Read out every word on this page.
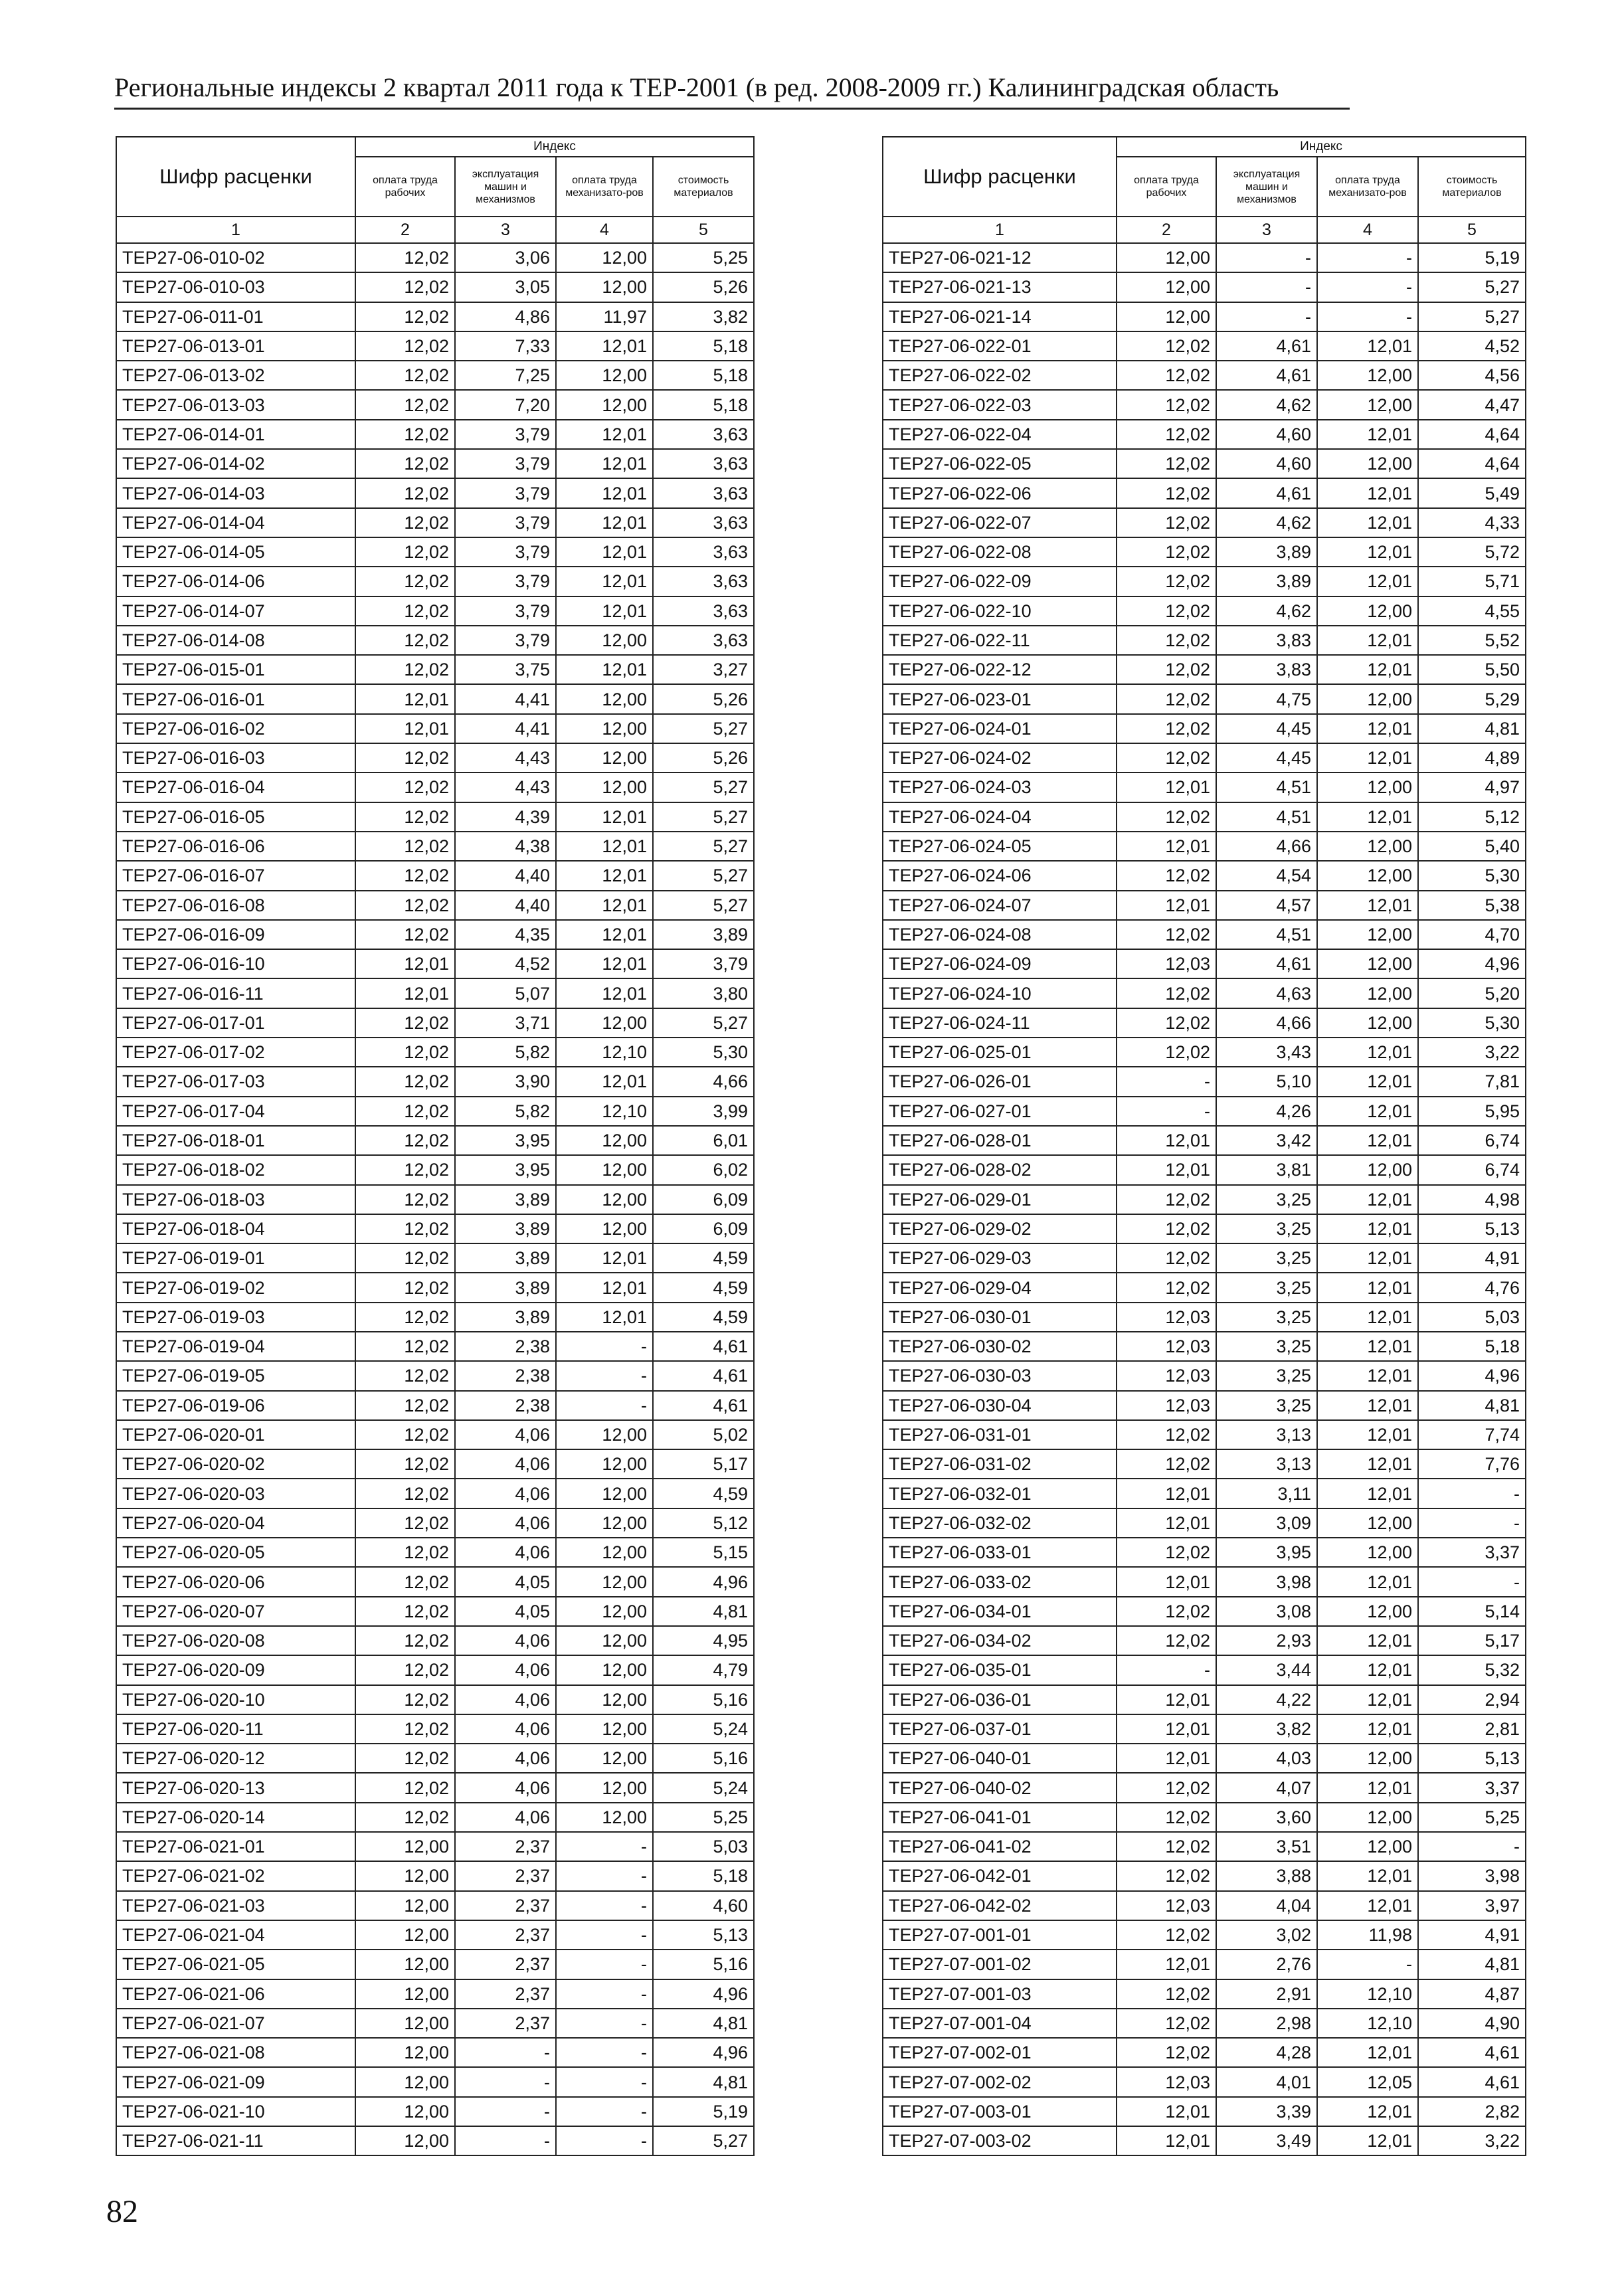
Региональные индексы 2 квартал 2011 года к ТЕР-2001 (в ред. 2008-2009 гг.) Калининградская область
Шифр расценки	Индекс			
	оплата труда рабочих	эксплуатация машин и механизмов	оплата труда механизато-ров	стоимость материалов
1	2	3	4	5
ТЕР27-06-010-02	12,02	3,06	12,00	5,25
ТЕР27-06-010-03	12,02	3,05	12,00	5,26
ТЕР27-06-011-01	12,02	4,86	11,97	3,82
ТЕР27-06-013-01	12,02	7,33	12,01	5,18
ТЕР27-06-013-02	12,02	7,25	12,00	5,18
ТЕР27-06-013-03	12,02	7,20	12,00	5,18
ТЕР27-06-014-01	12,02	3,79	12,01	3,63
ТЕР27-06-014-02	12,02	3,79	12,01	3,63
ТЕР27-06-014-03	12,02	3,79	12,01	3,63
ТЕР27-06-014-04	12,02	3,79	12,01	3,63
ТЕР27-06-014-05	12,02	3,79	12,01	3,63
ТЕР27-06-014-06	12,02	3,79	12,01	3,63
ТЕР27-06-014-07	12,02	3,79	12,01	3,63
ТЕР27-06-014-08	12,02	3,79	12,00	3,63
ТЕР27-06-015-01	12,02	3,75	12,01	3,27
ТЕР27-06-016-01	12,01	4,41	12,00	5,26
ТЕР27-06-016-02	12,01	4,41	12,00	5,27
ТЕР27-06-016-03	12,02	4,43	12,00	5,26
ТЕР27-06-016-04	12,02	4,43	12,00	5,27
ТЕР27-06-016-05	12,02	4,39	12,01	5,27
ТЕР27-06-016-06	12,02	4,38	12,01	5,27
ТЕР27-06-016-07	12,02	4,40	12,01	5,27
ТЕР27-06-016-08	12,02	4,40	12,01	5,27
ТЕР27-06-016-09	12,02	4,35	12,01	3,89
ТЕР27-06-016-10	12,01	4,52	12,01	3,79
ТЕР27-06-016-11	12,01	5,07	12,01	3,80
ТЕР27-06-017-01	12,02	3,71	12,00	5,27
ТЕР27-06-017-02	12,02	5,82	12,10	5,30
ТЕР27-06-017-03	12,02	3,90	12,01	4,66
ТЕР27-06-017-04	12,02	5,82	12,10	3,99
ТЕР27-06-018-01	12,02	3,95	12,00	6,01
ТЕР27-06-018-02	12,02	3,95	12,00	6,02
ТЕР27-06-018-03	12,02	3,89	12,00	6,09
ТЕР27-06-018-04	12,02	3,89	12,00	6,09
ТЕР27-06-019-01	12,02	3,89	12,01	4,59
ТЕР27-06-019-02	12,02	3,89	12,01	4,59
ТЕР27-06-019-03	12,02	3,89	12,01	4,59
ТЕР27-06-019-04	12,02	2,38	-	4,61
ТЕР27-06-019-05	12,02	2,38	-	4,61
ТЕР27-06-019-06	12,02	2,38	-	4,61
ТЕР27-06-020-01	12,02	4,06	12,00	5,02
ТЕР27-06-020-02	12,02	4,06	12,00	5,17
ТЕР27-06-020-03	12,02	4,06	12,00	4,59
ТЕР27-06-020-04	12,02	4,06	12,00	5,12
ТЕР27-06-020-05	12,02	4,06	12,00	5,15
ТЕР27-06-020-06	12,02	4,05	12,00	4,96
ТЕР27-06-020-07	12,02	4,05	12,00	4,81
ТЕР27-06-020-08	12,02	4,06	12,00	4,95
ТЕР27-06-020-09	12,02	4,06	12,00	4,79
ТЕР27-06-020-10	12,02	4,06	12,00	5,16
ТЕР27-06-020-11	12,02	4,06	12,00	5,24
ТЕР27-06-020-12	12,02	4,06	12,00	5,16
ТЕР27-06-020-13	12,02	4,06	12,00	5,24
ТЕР27-06-020-14	12,02	4,06	12,00	5,25
ТЕР27-06-021-01	12,00	2,37	-	5,03
ТЕР27-06-021-02	12,00	2,37	-	5,18
ТЕР27-06-021-03	12,00	2,37	-	4,60
ТЕР27-06-021-04	12,00	2,37	-	5,13
ТЕР27-06-021-05	12,00	2,37	-	5,16
ТЕР27-06-021-06	12,00	2,37	-	4,96
ТЕР27-06-021-07	12,00	2,37	-	4,81
ТЕР27-06-021-08	12,00	-	-	4,96
ТЕР27-06-021-09	12,00	-	-	4,81
ТЕР27-06-021-10	12,00	-	-	5,19
ТЕР27-06-021-11	12,00	-	-	5,27
Шифр расценки	Индекс			
	оплата труда рабочих	эксплуатация машин и механизмов	оплата труда механизато-ров	стоимость материалов
1	2	3	4	5
ТЕР27-06-021-12	12,00	-	-	5,19
ТЕР27-06-021-13	12,00	-	-	5,27
ТЕР27-06-021-14	12,00	-	-	5,27
ТЕР27-06-022-01	12,02	4,61	12,01	4,52
ТЕР27-06-022-02	12,02	4,61	12,00	4,56
ТЕР27-06-022-03	12,02	4,62	12,00	4,47
ТЕР27-06-022-04	12,02	4,60	12,01	4,64
ТЕР27-06-022-05	12,02	4,60	12,00	4,64
ТЕР27-06-022-06	12,02	4,61	12,01	5,49
ТЕР27-06-022-07	12,02	4,62	12,01	4,33
ТЕР27-06-022-08	12,02	3,89	12,01	5,72
ТЕР27-06-022-09	12,02	3,89	12,01	5,71
ТЕР27-06-022-10	12,02	4,62	12,00	4,55
ТЕР27-06-022-11	12,02	3,83	12,01	5,52
ТЕР27-06-022-12	12,02	3,83	12,01	5,50
ТЕР27-06-023-01	12,02	4,75	12,00	5,29
ТЕР27-06-024-01	12,02	4,45	12,01	4,81
ТЕР27-06-024-02	12,02	4,45	12,01	4,89
ТЕР27-06-024-03	12,01	4,51	12,00	4,97
ТЕР27-06-024-04	12,02	4,51	12,01	5,12
ТЕР27-06-024-05	12,01	4,66	12,00	5,40
ТЕР27-06-024-06	12,02	4,54	12,00	5,30
ТЕР27-06-024-07	12,01	4,57	12,01	5,38
ТЕР27-06-024-08	12,02	4,51	12,00	4,70
ТЕР27-06-024-09	12,03	4,61	12,00	4,96
ТЕР27-06-024-10	12,02	4,63	12,00	5,20
ТЕР27-06-024-11	12,02	4,66	12,00	5,30
ТЕР27-06-025-01	12,02	3,43	12,01	3,22
ТЕР27-06-026-01	-	5,10	12,01	7,81
ТЕР27-06-027-01	-	4,26	12,01	5,95
ТЕР27-06-028-01	12,01	3,42	12,01	6,74
ТЕР27-06-028-02	12,01	3,81	12,00	6,74
ТЕР27-06-029-01	12,02	3,25	12,01	4,98
ТЕР27-06-029-02	12,02	3,25	12,01	5,13
ТЕР27-06-029-03	12,02	3,25	12,01	4,91
ТЕР27-06-029-04	12,02	3,25	12,01	4,76
ТЕР27-06-030-01	12,03	3,25	12,01	5,03
ТЕР27-06-030-02	12,03	3,25	12,01	5,18
ТЕР27-06-030-03	12,03	3,25	12,01	4,96
ТЕР27-06-030-04	12,03	3,25	12,01	4,81
ТЕР27-06-031-01	12,02	3,13	12,01	7,74
ТЕР27-06-031-02	12,02	3,13	12,01	7,76
ТЕР27-06-032-01	12,01	3,11	12,01	-
ТЕР27-06-032-02	12,01	3,09	12,00	-
ТЕР27-06-033-01	12,02	3,95	12,00	3,37
ТЕР27-06-033-02	12,01	3,98	12,01	-
ТЕР27-06-034-01	12,02	3,08	12,00	5,14
ТЕР27-06-034-02	12,02	2,93	12,01	5,17
ТЕР27-06-035-01	-	3,44	12,01	5,32
ТЕР27-06-036-01	12,01	4,22	12,01	2,94
ТЕР27-06-037-01	12,01	3,82	12,01	2,81
ТЕР27-06-040-01	12,01	4,03	12,00	5,13
ТЕР27-06-040-02	12,02	4,07	12,01	3,37
ТЕР27-06-041-01	12,02	3,60	12,00	5,25
ТЕР27-06-041-02	12,02	3,51	12,00	-
ТЕР27-06-042-01	12,02	3,88	12,01	3,98
ТЕР27-06-042-02	12,03	4,04	12,01	3,97
ТЕР27-07-001-01	12,02	3,02	11,98	4,91
ТЕР27-07-001-02	12,01	2,76	-	4,81
ТЕР27-07-001-03	12,02	2,91	12,10	4,87
ТЕР27-07-001-04	12,02	2,98	12,10	4,90
ТЕР27-07-002-01	12,02	4,28	12,01	4,61
ТЕР27-07-002-02	12,03	4,01	12,05	4,61
ТЕР27-07-003-01	12,01	3,39	12,01	2,82
ТЕР27-07-003-02	12,01	3,49	12,01	3,22
82
